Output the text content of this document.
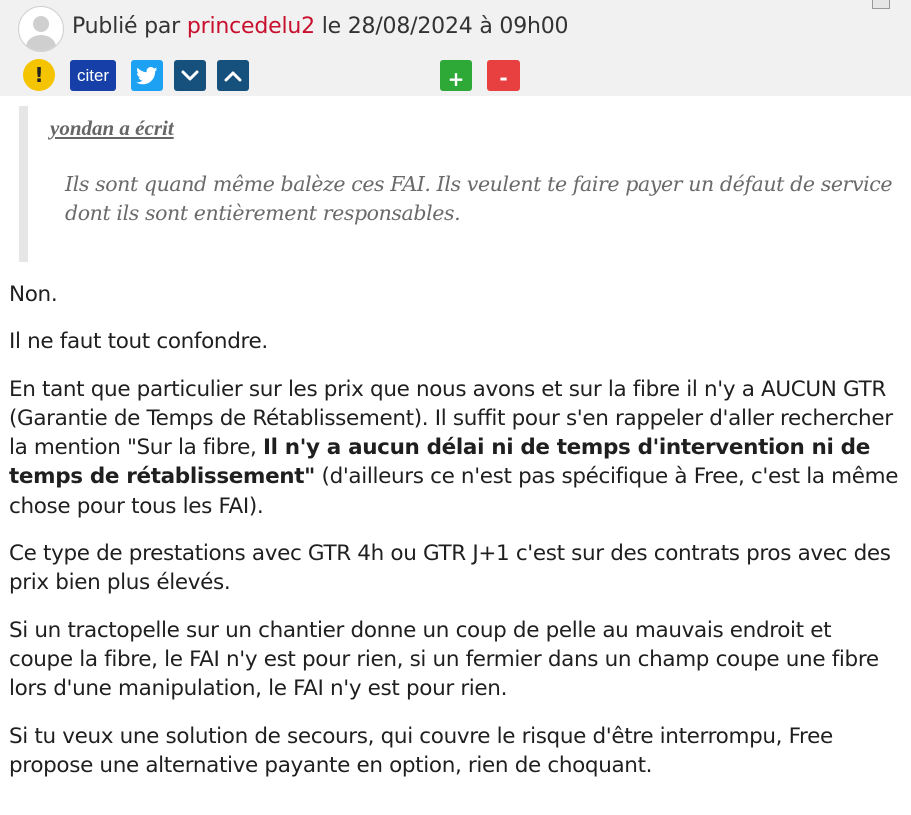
Publié par princedelu2 le 28/08/2024 à 09h00
! citer	+ -
yondan a écrit
Ils sont quand même balèze ces FAI. Ils veulent te faire payer un défaut de service dont ils sont entièrement responsables.

Non.

Il ne faut tout confondre.

En tant que particulier sur les prix que nous avons et sur la fibre il n'y a AUCUN GTR (Garantie de Temps de Rétablissement). Il suffit pour s'en rappeler d'aller rechercher la mention "Sur la fibre, Il n'y a aucun délai ni de temps d'intervention ni de temps de rétablissement" (d'ailleurs ce n'est pas spécifique à Free, c'est la même chose pour tous les FAI).

Ce type de prestations avec GTR 4h ou GTR J+1 c'est sur des contrats pros avec des prix bien plus élevés.

Si un tractopelle sur un chantier donne un coup de pelle au mauvais endroit et coupe la fibre, le FAI n'y est pour rien, si un fermier dans un champ coupe une fibre lors d'une manipulation, le FAI n'y est pour rien.

Si tu veux une solution de secours, qui couvre le risque d'être interrompu, Free propose une alternative payante en option, rien de choquant.
